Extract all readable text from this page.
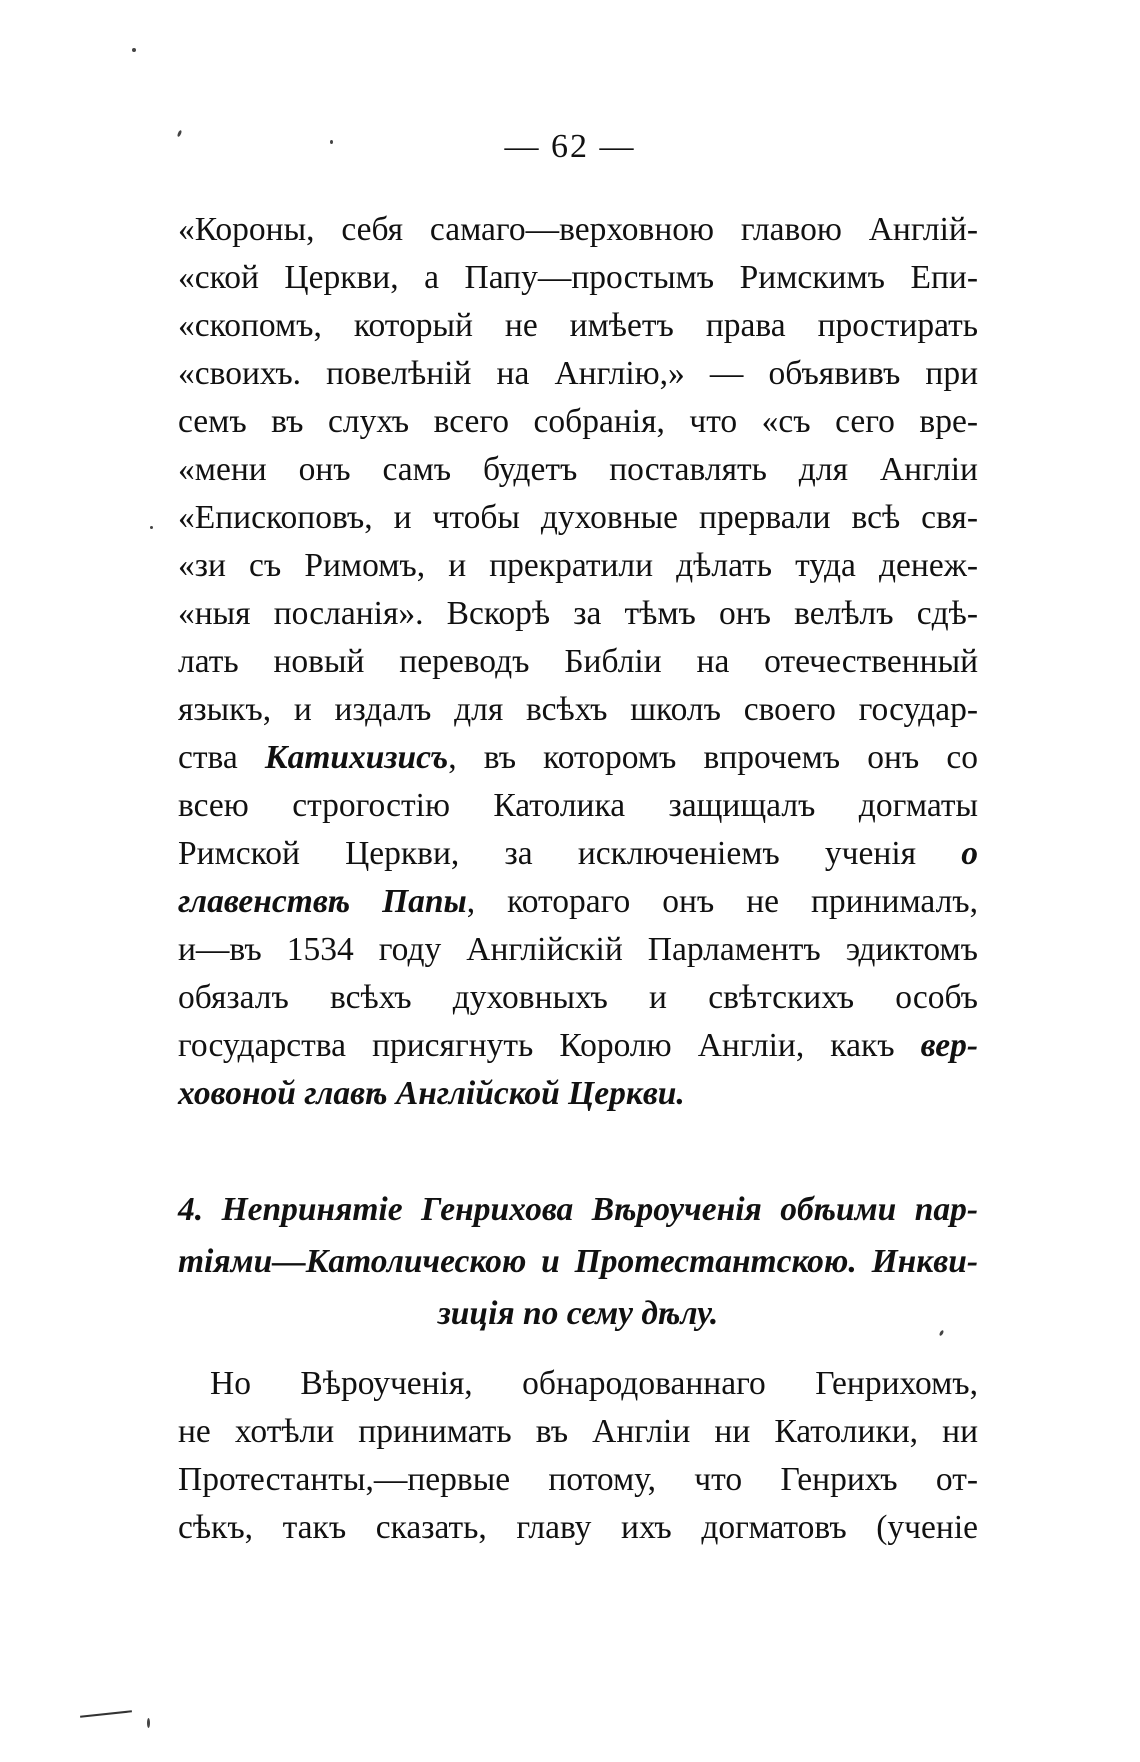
— 62 —
«Короны, себя самаго—верховною главою Англій-
«ской Церкви, а Папу—простымъ Римскимъ Епи-
«скопомъ, который не имѣетъ права простирать
«своихъ. повелѣній на Англію,» — объявивъ при
семъ въ слухъ всего собранія, что «съ сего вре-
«мени онъ самъ будетъ поставлять для Англіи
«Епископовъ, и чтобы духовные прервали всѣ свя-
«зи съ Римомъ, и прекратили дѣлать туда денеж-
«ныя посланія». Вскорѣ за тѣмъ онъ велѣлъ сдѣ-
лать новый переводъ Библіи на отечественный
языкъ, и издалъ для всѣхъ школъ своего государ-
ства Катихизисъ, въ которомъ впрочемъ онъ со
всею строгостію Католика защищалъ догматы
Римской Церкви, за исключеніемъ ученія о
главенствѣ Папы, котораго онъ не принималъ,
и—въ 1534 году Англійскій Парламентъ эдиктомъ
обязалъ всѣхъ духовныхъ и свѣтскихъ особъ
государства присягнуть Королю Англіи, какъ вер-
ховоной главѣ Англійской Церкви.
4. Непринятіе Генрихова Вѣроученія обѣими пар-
тіями—Католическою и Протестантскою. Инкви-
зиція по сему дѣлу.
Но Вѣроученія, обнародованнаго Генрихомъ,
не хотѣли принимать въ Англіи ни Католики, ни
Протестанты,—первые потому, что Генрихъ от-
сѣкъ, такъ сказать, главу ихъ догматовъ (ученіе
